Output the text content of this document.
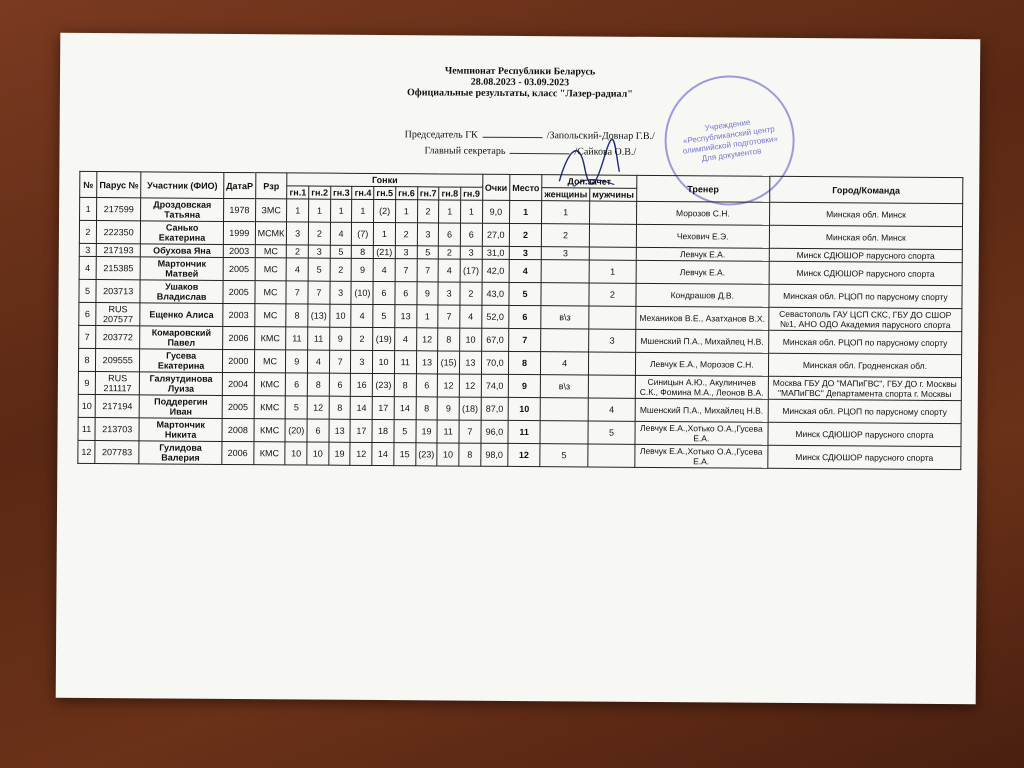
Чемпионат Республики Беларусь
28.08.2023 - 03.09.2023
Официальные результаты, класс "Лазер-радиал"
Учреждение «Республиканский центр олимпийской подготовки» Для документов
Председатель ГК	/Запольский-Довнар Г.В./
Главный секретарь	/Сайкова О.В./
№	Парус №	Участник (ФИО)	ДатаР	Рзр	Гонки									Очки	Место	Доп.зачет		Тренер	Город/Команда
					гн.1	гн.2	гн.3	гн.4	гн.5	гн.6	гн.7	гн.8	гн.9			женщины	мужчины		
1	217599	Дроздовская Татьяна	1978	ЗМС	1	1	1	1	(2)	1	2	1	1	9,0	1	1		Морозов С.Н.	Минская обл. Минск
2	222350	Санько Екатерина	1999	МСМК	3	2	4	(7)	1	2	3	6	6	27,0	2	2		Чехович Е.Э.	Минская обл. Минск
3	217193	Обухова Яна	2003	МС	2	3	5	8	(21)	3	5	2	3	31,0	3	3		Левчук Е.А.	Минск СДЮШОР парусного спорта
4	215385	Мартончик Матвей	2005	МС	4	5	2	9	4	7	7	4	(17)	42,0	4		1	Левчук Е.А.	Минск СДЮШОР парусного спорта
5	203713	Ушаков Владислав	2005	МС	7	7	3	(10)	6	6	9	3	2	43,0	5		2	Кондрашов Д.В.	Минская обл. РЦОП по парусному спорту
6	RUS 207577	Ещенко Алиса	2003	МС	8	(13)	10	4	5	13	1	7	4	52,0	6	в\з		Механиков В.Е., Азатханов В.Х.	Севастополь ГАУ ЦСП СКС, ГБУ ДО СШОР №1, АНО ОДО Академия парусного спорта
7	203772	Комаровский Павел	2006	КМС	11	11	9	2	(19)	4	12	8	10	67,0	7		3	Мшенский П.А., Михайлец Н.В.	Минская обл. РЦОП по парусному спорту
8	209555	Гусева Екатерина	2000	МС	9	4	7	3	10	11	13	(15)	13	70,0	8	4		Левчук Е.А., Морозов С.Н.	Минская обл. Гродненская обл.
9	RUS 211117	Галяутдинова Луиза	2004	КМС	6	8	6	16	(23)	8	6	12	12	74,0	9	в\з		Синицын А.Ю., Акулиничев С.К., Фомина М.А., Леонов В.А.	Москва ГБУ ДО "МАПиГВС", ГБУ ДО г. Москвы "МАПиГВС" Департамента спорта г. Москвы
10	217194	Поддерегин Иван	2005	КМС	5	12	8	14	17	14	8	9	(18)	87,0	10		4	Мшенский П.А., Михайлец Н.В.	Минская обл. РЦОП по парусному спорту
11	213703	Мартончик Никита	2008	КМС	(20)	6	13	17	18	5	19	11	7	96,0	11		5	Левчук Е.А.,Хотько О.А.,Гусева Е.А.	Минск СДЮШОР парусного спорта
12	207783	Гулидова Валерия	2006	КМС	10	10	19	12	14	15	(23)	10	8	98,0	12	5		Левчук Е.А.,Хотько О.А.,Гусева Е.А.	Минск СДЮШОР парусного спорта
